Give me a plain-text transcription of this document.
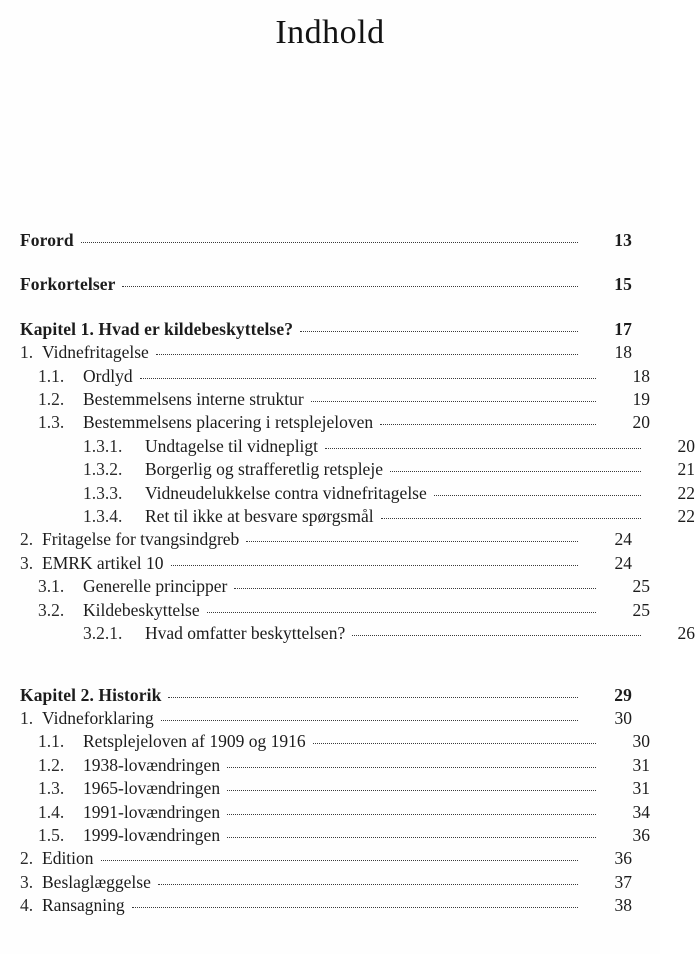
Indhold
Forord	13
Forkortelser	15
Kapitel 1. Hvad er kildebeskyttelse?	17
1. Vidnefritagelse	18
1.1.	Ordlyd	18
1.2.	Bestemmelsens interne struktur	19
1.3.	Bestemmelsens placering i retsplejeloven	20
1.3.1.	Undtagelse til vidnepligt	20
1.3.2.	Borgerlig og strafferetlig retspleje	21
1.3.3.	Vidneudelukkelse contra vidnefritagelse	22
1.3.4.	Ret til ikke at besvare spørgsmål	22
2. Fritagelse for tvangsindgreb	24
3. EMRK artikel 10	24
3.1.	Generelle principper	25
3.2.	Kildebeskyttelse	25
3.2.1.	Hvad omfatter beskyttelsen?	26
Kapitel 2. Historik	29
1. Vidneforklaring	30
1.1.	Retsplejeloven af 1909 og 1916	30
1.2.	1938-lovændringen	31
1.3.	1965-lovændringen	31
1.4.	1991-lovændringen	34
1.5.	1999-lovændringen	36
2. Edition	36
3. Beslaglæggelse	37
4. Ransagning	38
